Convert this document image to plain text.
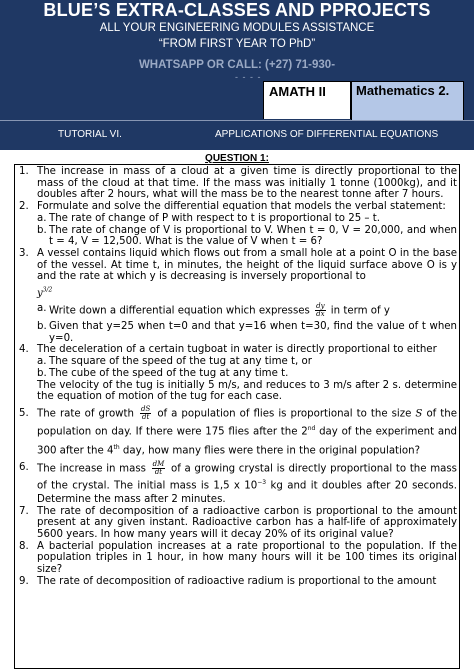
BLUE’S EXTRA-CLASSES AND PPROJECTS
ALL YOUR ENGINEERING MODULES ASSISTANCE
“FROM FIRST YEAR TO PhD”
WHATSAPP OR CALL: (+27) 71-930-
- - - -
AMATH II	Mathematics 2.
TUTORIAL VI.	APPLICATIONS OF DIFFERENTIAL EQUATIONS
QUESTION 1:
1. The increase in mass of a cloud at a given time is directly proportional to the mass of the cloud at that time. If the mass was initially 1 tonne (1000kg), and it doubles after 2 hours, what will the mass be to the nearest tonne after 7 hours.
2. Formulate and solve the differential equation that models the verbal statement:
a. The rate of change of P with respect to t is proportional to 25 – t.
b. The rate of change of V is proportional to V. When t = 0, V = 20,000, and when t = 4, V = 12,500. What is the value of V when t = 6?
3. A vessel contains liquid which flows out from a small hole at a point O in the base of the vessel. At time t, in minutes, the height of the liquid surface above O is y and the rate at which y is decreasing is inversely proportional to
$y^{3/2}$
a. Write down a differential equation which expresses $\frac{dy}{dx}$ in term of y
b. Given that y=25 when t=0 and that y=16 when t=30, find the value of t when y=0.
4. The deceleration of a certain tugboat in water is directly proportional to either
a. The square of the speed of the tug at any time t, or
b. The cube of the speed of the tug at any time t.
The velocity of the tug is initially 5 m/s, and reduces to 3 m/s after 2 s. determine the equation of motion of the tug for each case.
5. The rate of growth $\frac{dS}{dt}$ of a population of flies is proportional to the size S of the population on day. If there were 175 flies after the 2nd day of the experiment and 300 after the 4th day, how many flies were there in the original population?
6. The increase in mass $\frac{dM}{dt}$ of a growing crystal is directly proportional to the mass of the crystal. The initial mass is 1,5 x $10^{-3}$ kg and it doubles after 20 seconds. Determine the mass after 2 minutes.
7. The rate of decomposition of a radioactive carbon is proportional to the amount present at any given instant. Radioactive carbon has a half-life of approximately 5600 years. In how many years will it decay 20% of its original value?
8. A bacterial population increases at a rate proportional to the population. If the population triples in 1 hour, in how many hours will it be 100 times its original size?
9. The rate of decomposition of radioactive radium is proportional to the amount
